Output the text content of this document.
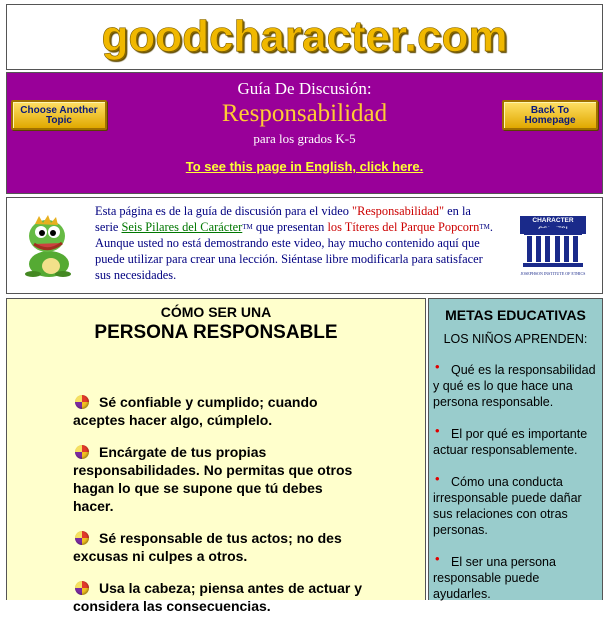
goodcharacter.com
Choose Another Topic
Guía De Discusión:
Responsabilidad
para los grados K-5
To see this page in English, click here.
Back To Homepage
Esta página es de la guía de discusión para el video "Responsabilidad" en la serie Seis Pilares del CarácterTM que presentan los Títeres del Parque PopcornTM. Aunque usted no está demostrando este video, hay mucho contenido aquí que puede utilizar para crear una lección. Siéntase libre modificarla para satisfacer sus necesidades.
CHARACTER
JOSEPHSON INSTITUTE OF ETHICS
CÓMO SER UNA
PERSONA RESPONSABLE
Sé confiable y cumplido; cuando aceptes hacer algo, cúmplelo.
Encárgate de tus propias responsabilidades. No permitas que otros hagan lo que se supone que tú debes hacer.
Sé responsable de tus actos; no des excusas ni culpes a otros.
Usa la cabeza; piensa antes de actuar y considera las consecuencias.
METAS EDUCATIVAS
LOS NIÑOS APRENDEN:
• Qué es la responsabilidad y qué es lo que hace una persona responsable.
• El por qué es importante actuar responsablemente.
• Cómo una conducta irresponsable puede dañar sus relaciones con otras personas.
• El ser una persona responsable puede ayudarles.
